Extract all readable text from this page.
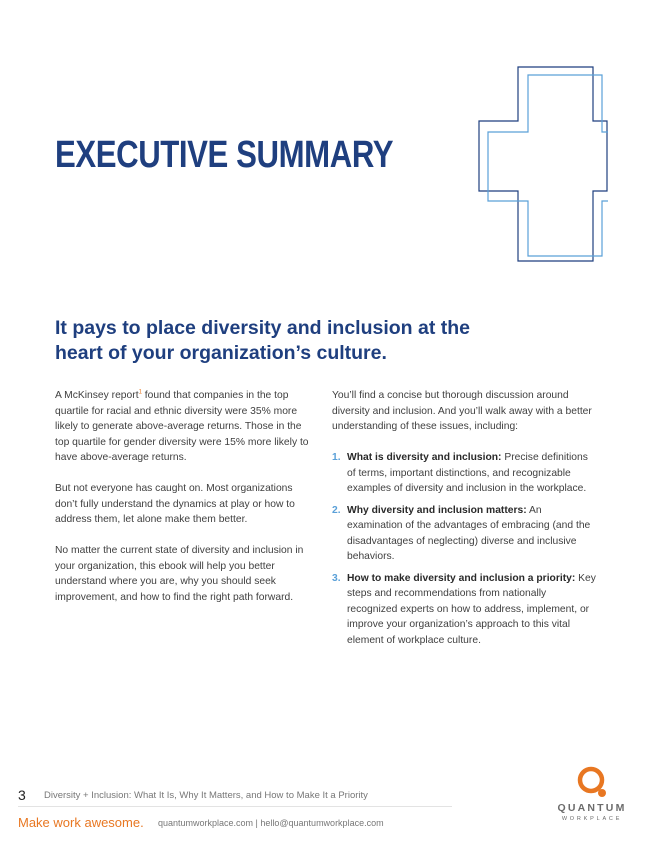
EXECUTIVE SUMMARY
It pays to place diversity and inclusion at the heart of your organization’s culture.

A McKinsey report$^1$ found that companies in the top quartile for racial and ethnic diversity were 35% more likely to generate above-average returns. Those in the top quartile for gender diversity were 15% more likely to have above-average returns.

But not everyone has caught on. Most organizations don’t fully understand the dynamics at play or how to address them, let alone make them better.

No matter the current state of diversity and inclusion in your organization, this ebook will help you better understand where you are, why you should seek improvement, and how to find the right path forward.

You’ll find a concise but thorough discussion around diversity and inclusion. And you’ll walk away with a better understanding of these issues, including:

1. What is diversity and inclusion: Precise definitions of terms, important distinctions, and recognizable examples of diversity and inclusion in the workplace.
2. Why diversity and inclusion matters: An examination of the advantages of embracing (and the disadvantages of neglecting) diverse and inclusive behaviors.
3. How to make diversity and inclusion a priority: Key steps and recommendations from nationally recognized experts on how to address, implement, or improve your organization’s approach to this vital element of workplace culture.
3 Diversity + Inclusion: What It Is, Why It Matters, and How to Make It a Priority
Make work awesome. quantumworkplace.com | hello@quantumworkplace.com
QUANTUM
WORKPLACE
